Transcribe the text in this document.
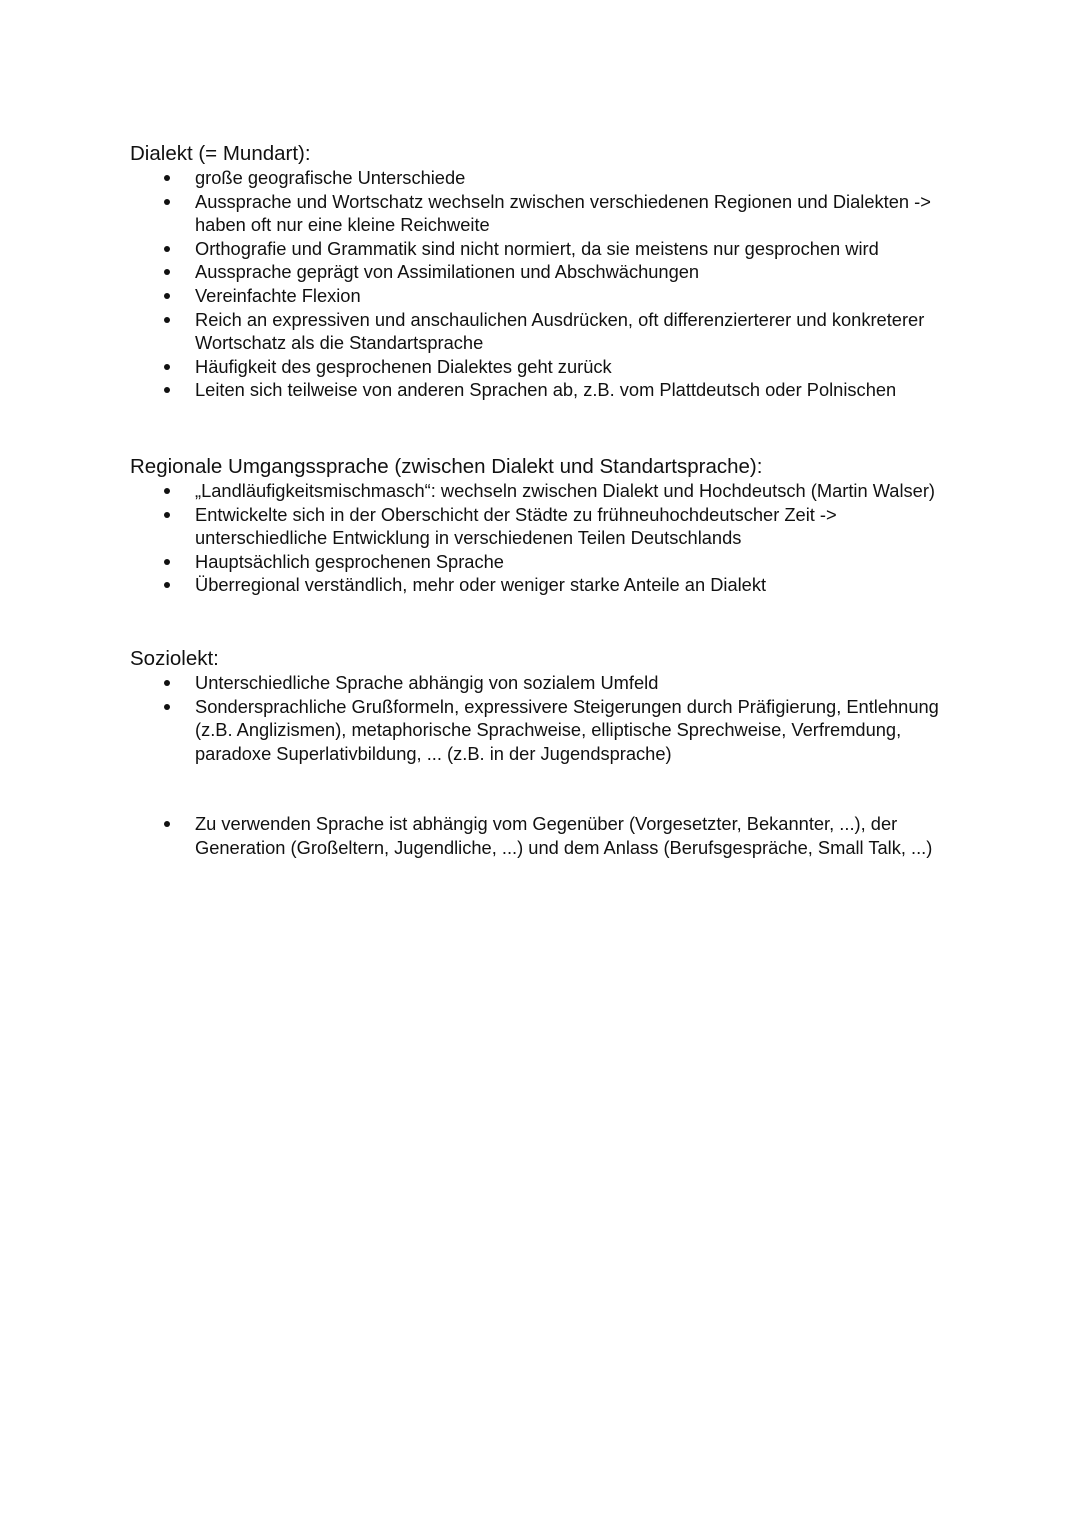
Dialekt (= Mundart):
große geografische Unterschiede
Aussprache und Wortschatz wechseln zwischen verschiedenen Regionen und Dialekten -> haben oft nur eine kleine Reichweite
Orthografie und Grammatik sind nicht normiert, da sie meistens nur gesprochen wird
Aussprache geprägt von Assimilationen und Abschwächungen
Vereinfachte Flexion
Reich an expressiven und anschaulichen Ausdrücken, oft differenzierterer und konkreterer Wortschatz als die Standartsprache
Häufigkeit des gesprochenen Dialektes geht zurück
Leiten sich teilweise von anderen Sprachen ab, z.B. vom Plattdeutsch oder Polnischen
Regionale Umgangssprache (zwischen Dialekt und Standartsprache):
„Landläufigkeitsmischmasch“: wechseln zwischen Dialekt und Hochdeutsch (Martin Walser)
Entwickelte sich in der Oberschicht der Städte zu frühneuhochdeutscher Zeit -> unterschiedliche Entwicklung in verschiedenen Teilen Deutschlands
Hauptsächlich gesprochenen Sprache
Überregional verständlich, mehr oder weniger starke Anteile an Dialekt
Soziolekt:
Unterschiedliche Sprache abhängig von sozialem Umfeld
Sondersprachliche Grußformeln, expressivere Steigerungen durch Präfigierung, Entlehnung (z.B. Anglizismen), metaphorische Sprachweise, elliptische Sprechweise, Verfremdung, paradoxe Superlativbildung, ... (z.B. in der Jugendsprache)
Zu verwenden Sprache ist abhängig vom Gegenüber (Vorgesetzter, Bekannter, ...), der Generation (Großeltern, Jugendliche, ...) und dem Anlass (Berufsgespräche, Small Talk, ...)
